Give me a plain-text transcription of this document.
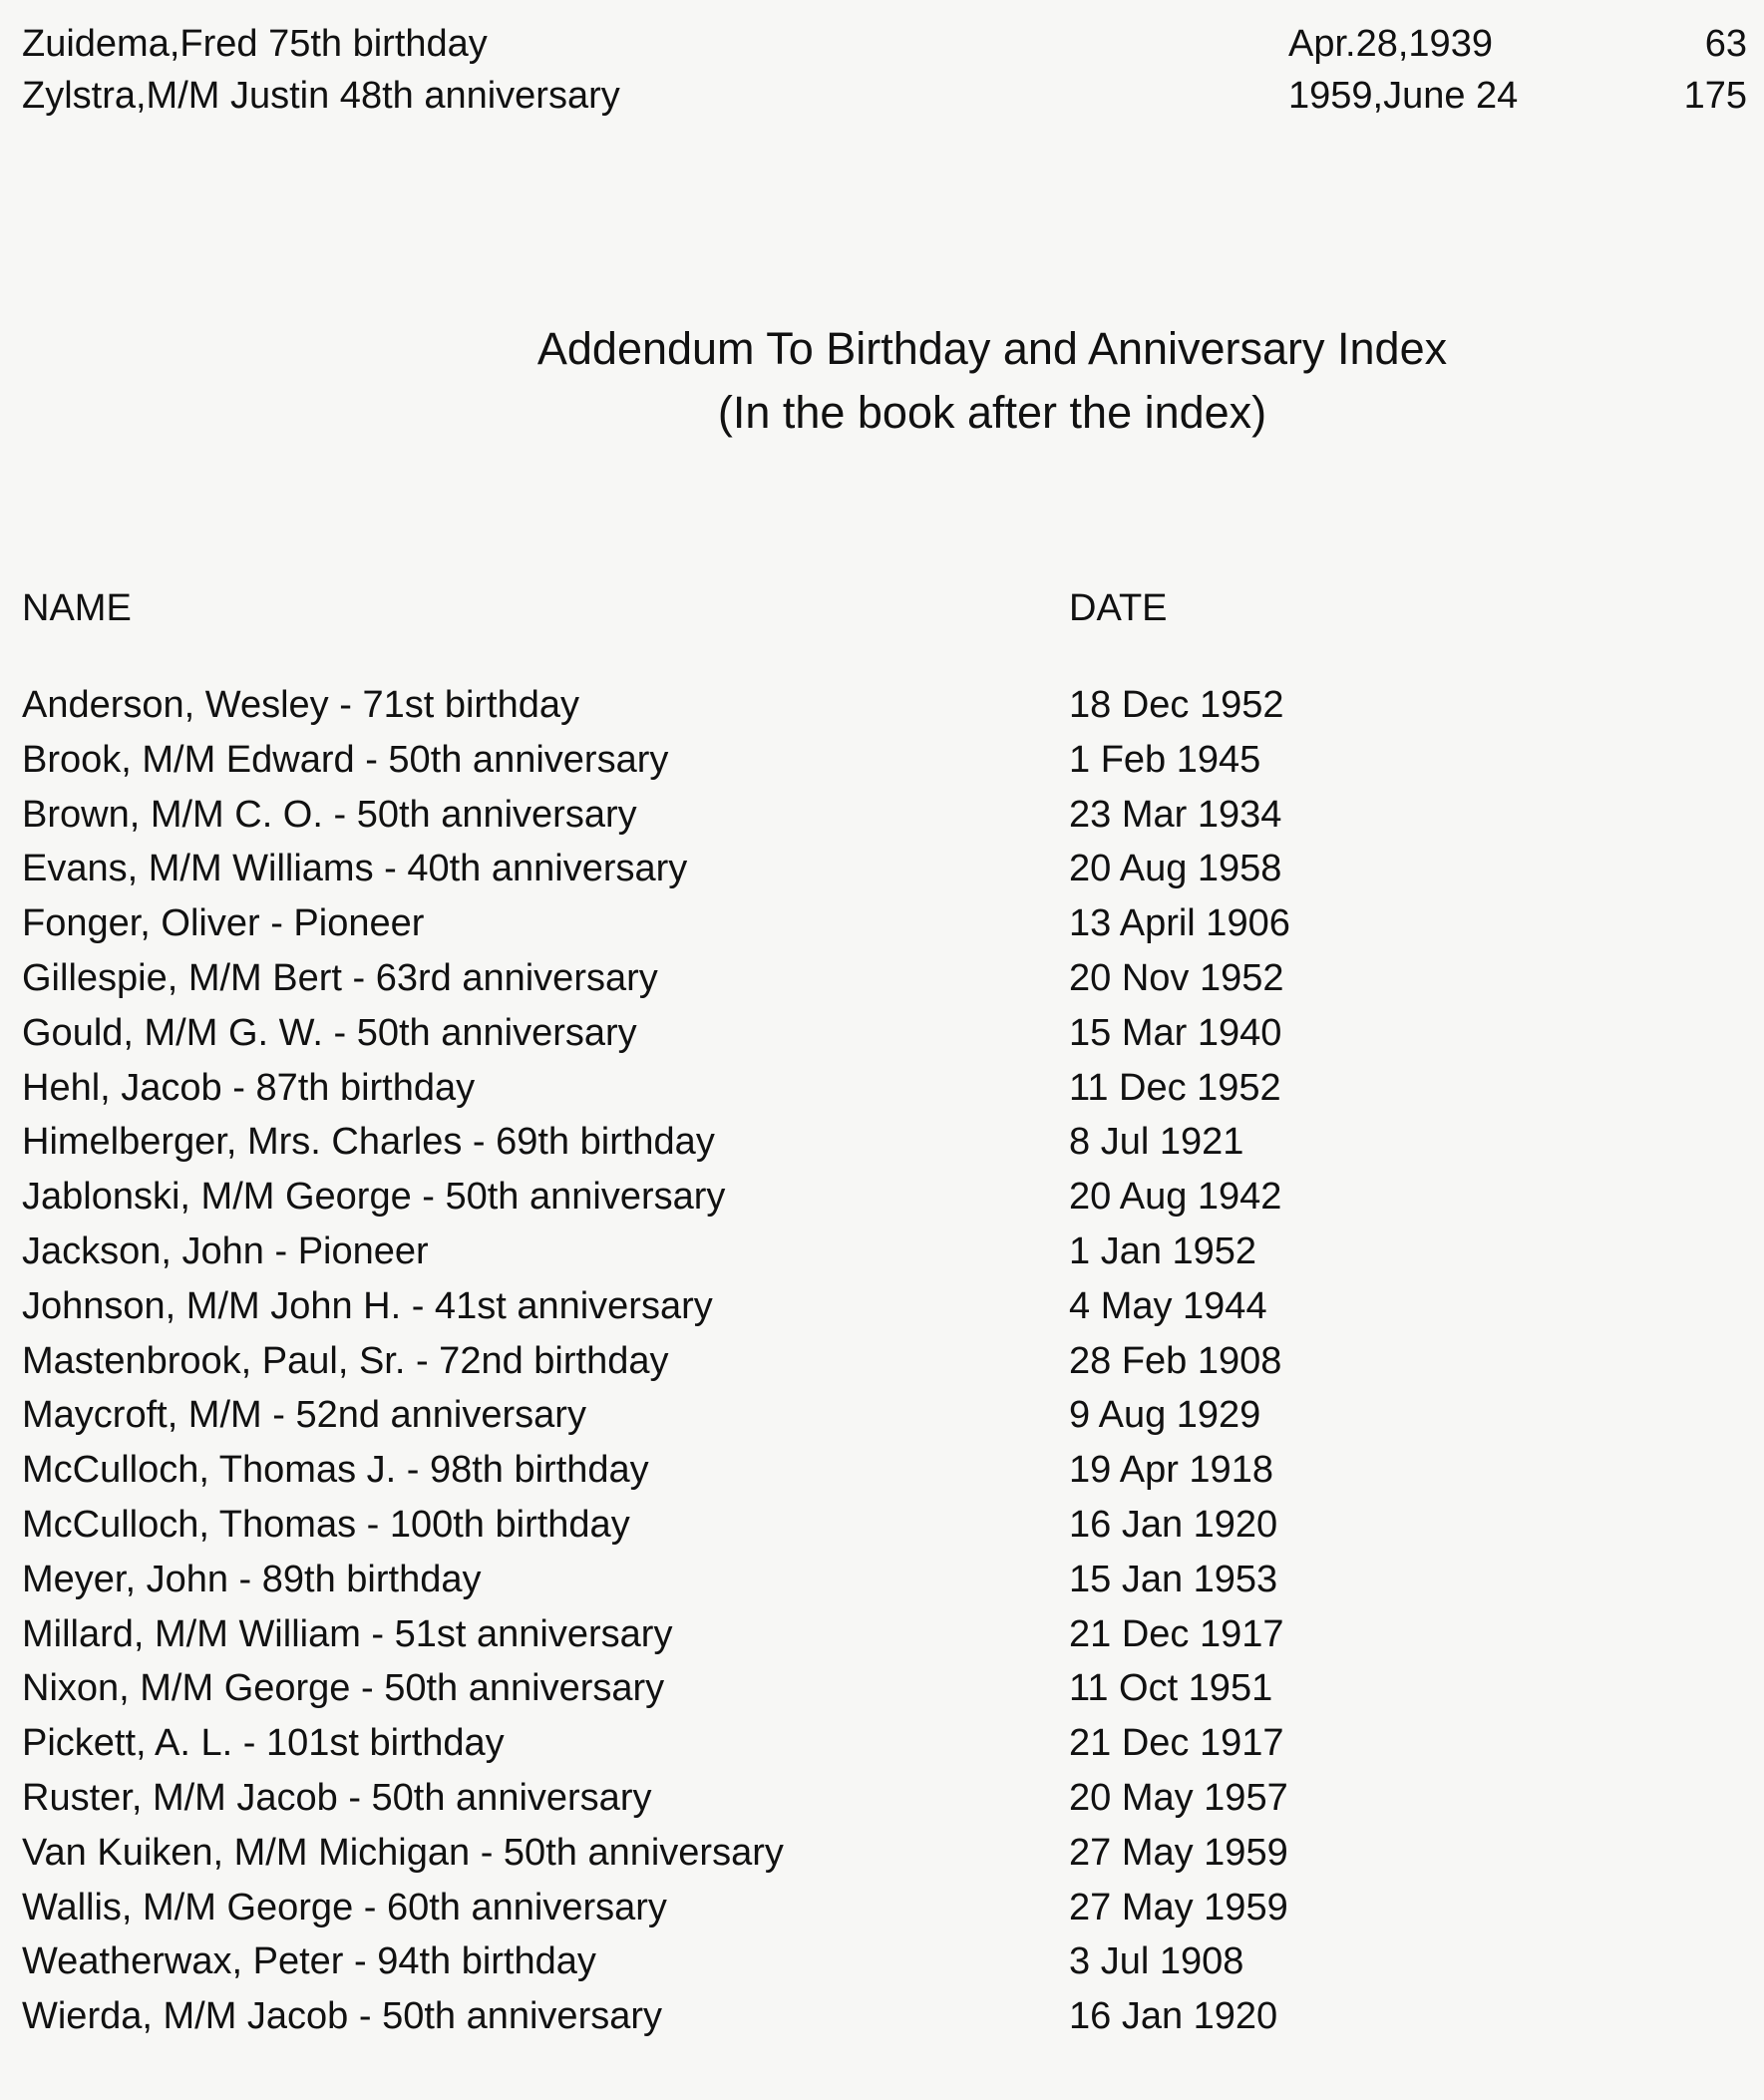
Zuidema,Fred 75th birthday	Apr.28,1939	63
Zylstra,M/M Justin 48th anniversary	1959,June 24	175
Addendum To Birthday and Anniversary Index
(In the book after the index)
NAME	DATE
Anderson, Wesley - 71st birthday	18 Dec 1952
Brook, M/M Edward - 50th anniversary	1 Feb 1945
Brown, M/M C. O. - 50th anniversary	23 Mar 1934
Evans, M/M Williams - 40th anniversary	20 Aug 1958
Fonger, Oliver - Pioneer	13 April 1906
Gillespie, M/M Bert - 63rd anniversary	20 Nov 1952
Gould, M/M G. W. - 50th anniversary	15 Mar 1940
Hehl, Jacob - 87th birthday	11 Dec 1952
Himelberger, Mrs. Charles - 69th birthday	8 Jul 1921
Jablonski, M/M George - 50th anniversary	20 Aug 1942
Jackson, John - Pioneer	1 Jan 1952
Johnson, M/M John H. - 41st anniversary	4 May 1944
Mastenbrook, Paul, Sr. - 72nd birthday	28 Feb 1908
Maycroft, M/M - 52nd anniversary	9 Aug 1929
McCulloch, Thomas J. - 98th birthday	19 Apr 1918
McCulloch, Thomas - 100th birthday	16 Jan 1920
Meyer, John - 89th birthday	15 Jan 1953
Millard, M/M William - 51st anniversary	21 Dec 1917
Nixon, M/M George - 50th anniversary	11 Oct 1951
Pickett, A. L. - 101st birthday	21 Dec 1917
Ruster, M/M Jacob - 50th anniversary	20 May 1957
Van Kuiken, M/M Michigan - 50th anniversary	27 May 1959
Wallis, M/M George - 60th anniversary	27 May 1959
Weatherwax, Peter - 94th birthday	3 Jul 1908
Wierda, M/M Jacob - 50th anniversary	16 Jan 1920
